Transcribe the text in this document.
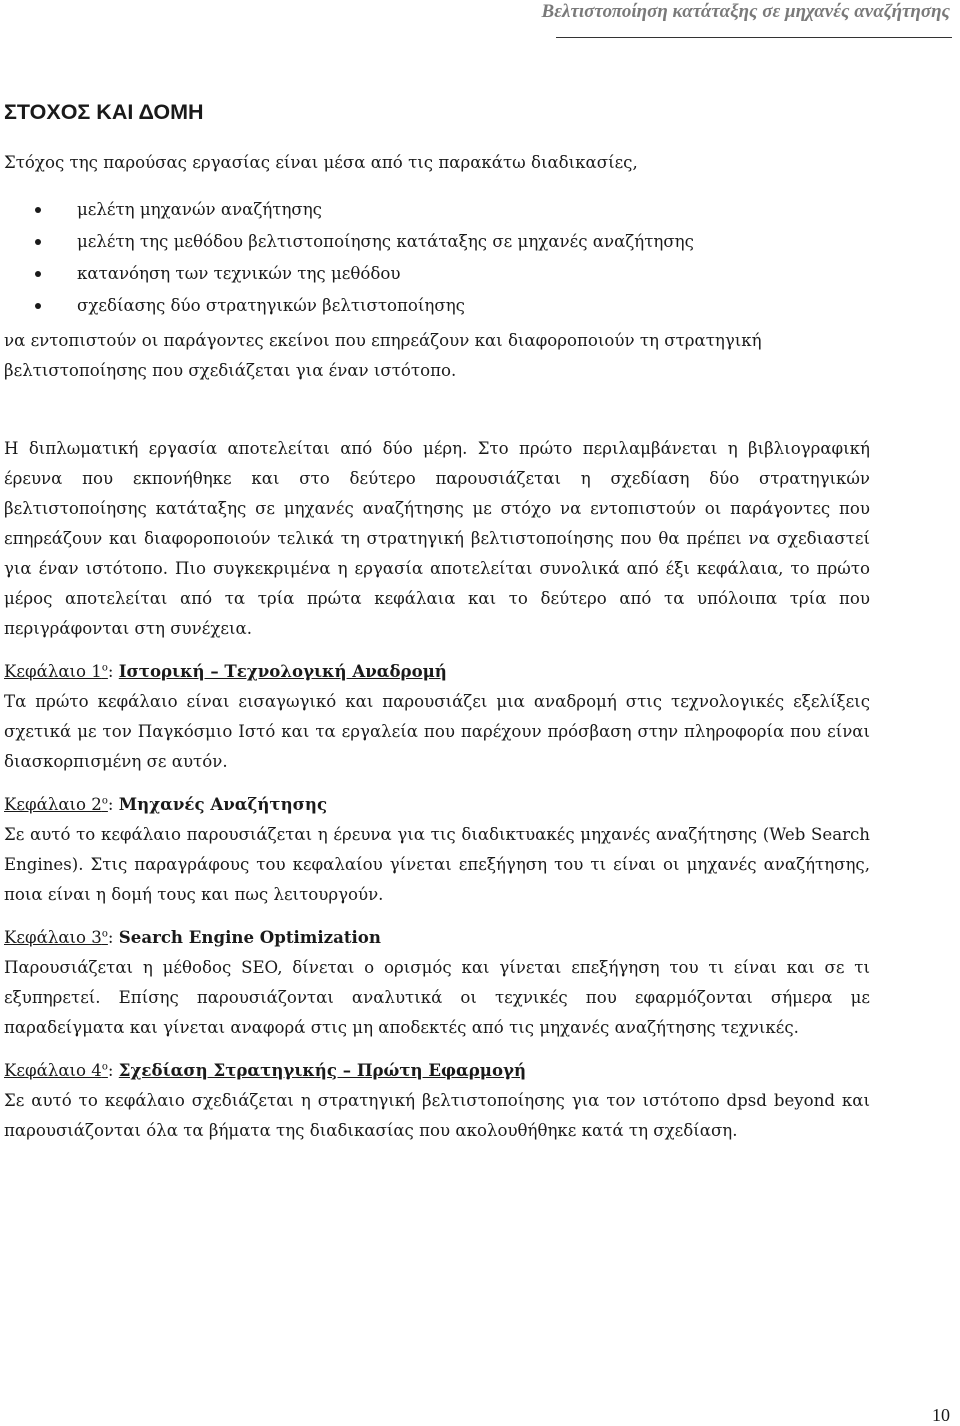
Βελτιστοποίηση κατάταξης σε μηχανές αναζήτησης
ΣΤΟΧΟΣ ΚΑΙ ΔΟΜΗ

Στόχος της παρούσας εργασίας είναι μέσα από τις παρακάτω διαδικασίες,

μελέτη μηχανών αναζήτησης
μελέτη της μεθόδου βελτιστοποίησης κατάταξης σε μηχανές αναζήτησης
κατανόηση των τεχνικών της μεθόδου
σχεδίασης δύο στρατηγικών βελτιστοποίησης

να εντοπιστούν οι παράγοντες εκείνοι που επηρεάζουν και διαφοροποιούν τη στρατηγική βελτιστοποίησης που σχεδιάζεται για έναν ιστότοπο.

Η διπλωματική εργασία αποτελείται από δύο μέρη. Στο πρώτο περιλαμβάνεται η βιβλιογραφική έρευνα που εκπονήθηκε και στο δεύτερο παρουσιάζεται η σχεδίαση δύο στρατηγικών βελτιστοποίησης κατάταξης σε μηχανές αναζήτησης με στόχο να εντοπιστούν οι παράγοντες που επηρεάζουν και διαφοροποιούν τελικά τη στρατηγική βελτιστοποίησης που θα πρέπει να σχεδιαστεί για έναν ιστότοπο. Πιο συγκεκριμένα η εργασία αποτελείται συνολικά από έξι κεφάλαια, το πρώτο μέρος αποτελείται από τα τρία πρώτα κεφάλαια και το δεύτερο από τα υπόλοιπα τρία που περιγράφονται στη συνέχεια.

Κεφάλαιο $1^o$: Ιστορική – Τεχνολογική Αναδρομή

Τα πρώτο κεφάλαιο είναι εισαγωγικό και παρουσιάζει μια αναδρομή στις τεχνολογικές εξελίξεις σχετικά με τον Παγκόσμιο Ιστό και τα εργαλεία που παρέχουν πρόσβαση στην πληροφορία που είναι διασκορπισμένη σε αυτόν.

Κεφάλαιο $2^o$: Μηχανές Αναζήτησης

Σε αυτό το κεφάλαιο παρουσιάζεται η έρευνα για τις διαδικτυακές μηχανές αναζήτησης (Web Search Engines). Στις παραγράφους του κεφαλαίου γίνεται επεξήγηση του τι είναι οι μηχανές αναζήτησης, ποια είναι η δομή τους και πως λειτουργούν.

Κεφάλαιο $3^o$: Search Engine Optimization

Παρουσιάζεται η μέθοδος SEO, δίνεται ο ορισμός και γίνεται επεξήγηση του τι είναι και σε τι εξυπηρετεί. Επίσης παρουσιάζονται αναλυτικά οι τεχνικές που εφαρμόζονται σήμερα με παραδείγματα και γίνεται αναφορά στις μη αποδεκτές από τις μηχανές αναζήτησης τεχνικές.

Κεφάλαιο $4^o$: Σχεδίαση Στρατηγικής – Πρώτη Εφαρμογή

Σε αυτό το κεφάλαιο σχεδιάζεται η στρατηγική βελτιστοποίησης για τον ιστότοπο dpsd beyond και παρουσιάζονται όλα τα βήματα της διαδικασίας που ακολουθήθηκε κατά τη σχεδίαση.

10
